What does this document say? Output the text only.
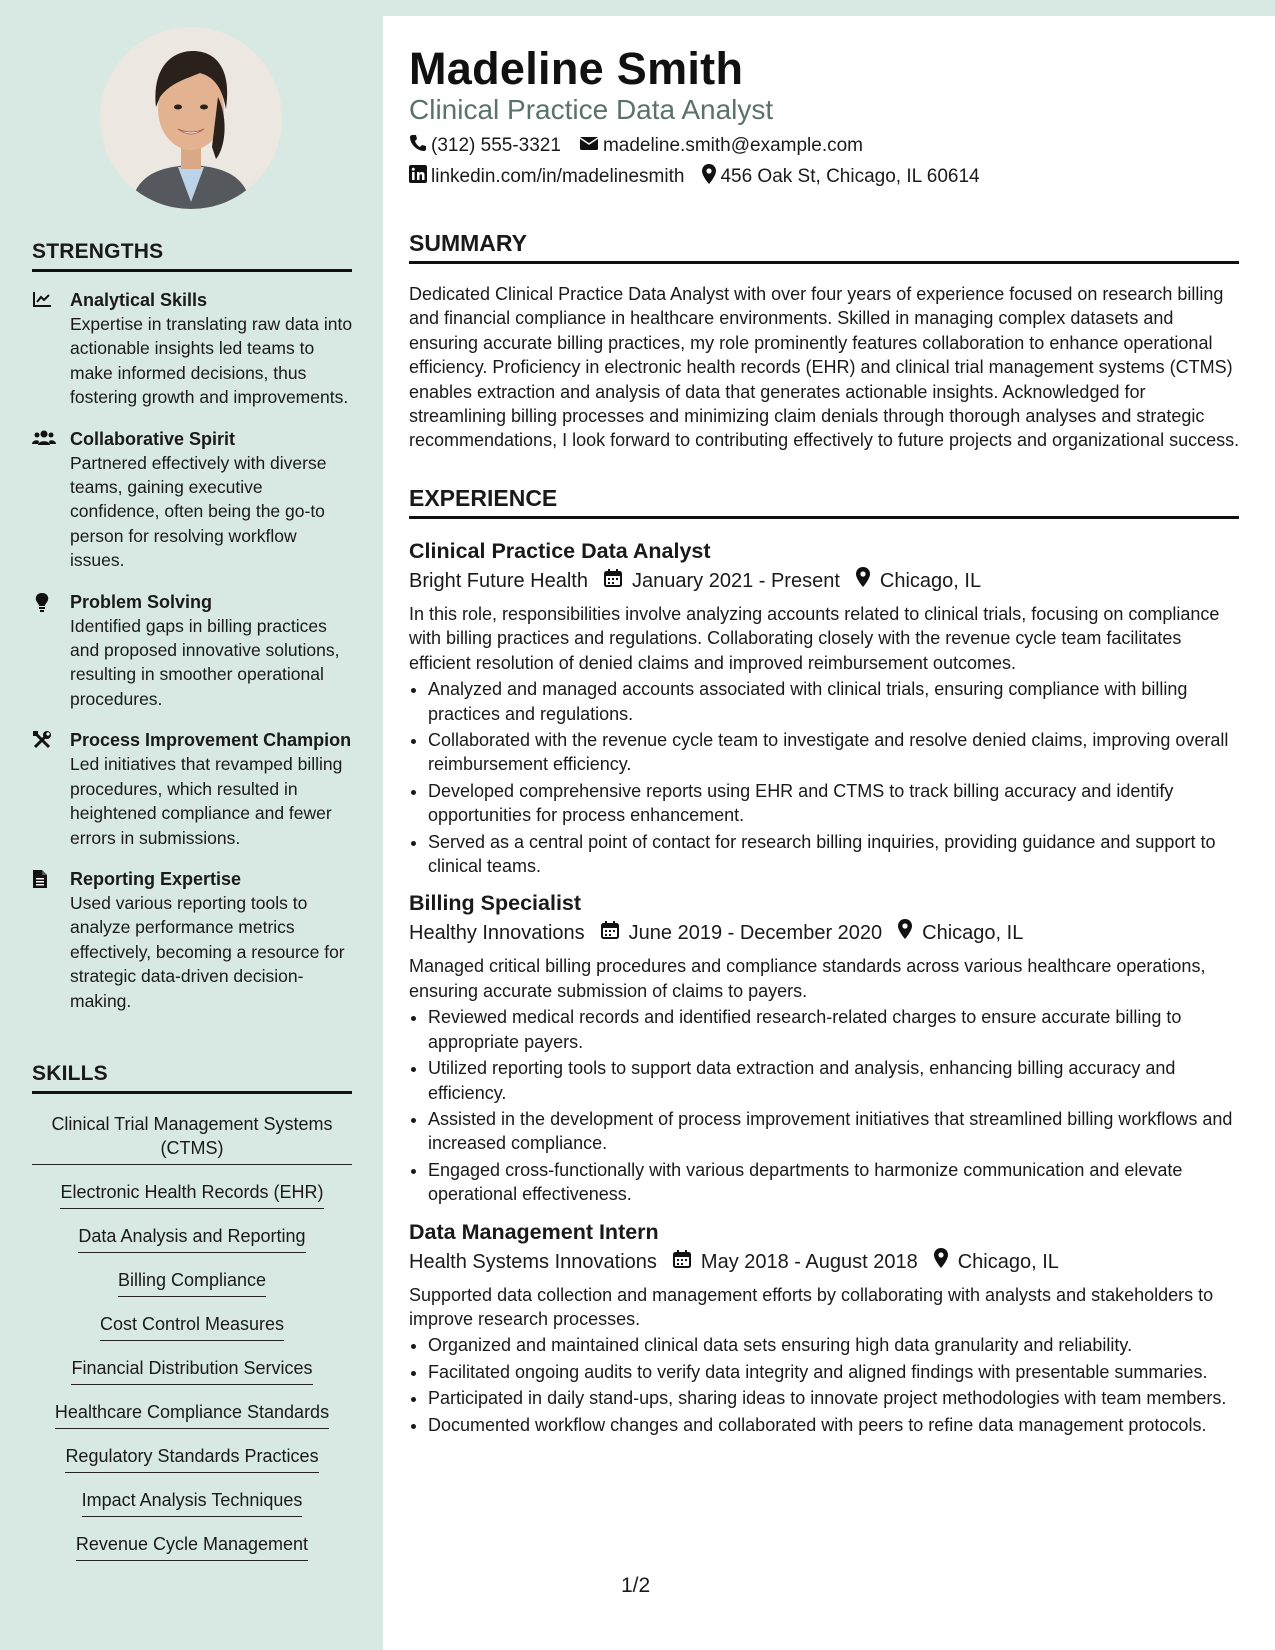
STRENGTHS
Analytical Skills
Expertise in translating raw data into actionable insights led teams to make informed decisions, thus fostering growth and improvements.
Collaborative Spirit
Partnered effectively with diverse teams, gaining executive confidence, often being the go-to person for resolving workflow issues.
Problem Solving
Identified gaps in billing practices and proposed innovative solutions, resulting in smoother operational procedures.
Process Improvement Champion
Led initiatives that revamped billing procedures, which resulted in heightened compliance and fewer errors in submissions.
Reporting Expertise
Used various reporting tools to analyze performance metrics effectively, becoming a resource for strategic data-driven decision-making.
SKILLS
Clinical Trial Management Systems (CTMS)
Electronic Health Records (EHR)
Data Analysis and Reporting
Billing Compliance
Cost Control Measures
Financial Distribution Services
Healthcare Compliance Standards
Regulatory Standards Practices
Impact Analysis Techniques
Revenue Cycle Management
Madeline Smith
Clinical Practice Data Analyst
(312) 555-3321 madeline.smith@example.com
linkedin.com/in/madelinesmith 456 Oak St, Chicago, IL 60614
SUMMARY
Dedicated Clinical Practice Data Analyst with over four years of experience focused on research billing and financial compliance in healthcare environments. Skilled in managing complex datasets and ensuring accurate billing practices, my role prominently features collaboration to enhance operational efficiency. Proficiency in electronic health records (EHR) and clinical trial management systems (CTMS) enables extraction and analysis of data that generates actionable insights. Acknowledged for streamlining billing processes and minimizing claim denials through thorough analyses and strategic recommendations, I look forward to contributing effectively to future projects and organizational success.
EXPERIENCE
Clinical Practice Data Analyst
Bright Future Health January 2021 - Present Chicago, IL
In this role, responsibilities involve analyzing accounts related to clinical trials, focusing on compliance with billing practices and regulations. Collaborating closely with the revenue cycle team facilitates efficient resolution of denied claims and improved reimbursement outcomes.
• Analyzed and managed accounts associated with clinical trials, ensuring compliance with billing practices and regulations.
• Collaborated with the revenue cycle team to investigate and resolve denied claims, improving overall reimbursement efficiency.
• Developed comprehensive reports using EHR and CTMS to track billing accuracy and identify opportunities for process enhancement.
• Served as a central point of contact for research billing inquiries, providing guidance and support to clinical teams.
Billing Specialist
Healthy Innovations June 2019 - December 2020 Chicago, IL
Managed critical billing procedures and compliance standards across various healthcare operations, ensuring accurate submission of claims to payers.
• Reviewed medical records and identified research-related charges to ensure accurate billing to appropriate payers.
• Utilized reporting tools to support data extraction and analysis, enhancing billing accuracy and efficiency.
• Assisted in the development of process improvement initiatives that streamlined billing workflows and increased compliance.
• Engaged cross-functionally with various departments to harmonize communication and elevate operational effectiveness.
Data Management Intern
Health Systems Innovations May 2018 - August 2018 Chicago, IL
Supported data collection and management efforts by collaborating with analysts and stakeholders to improve research processes.
• Organized and maintained clinical data sets ensuring high data granularity and reliability.
• Facilitated ongoing audits to verify data integrity and aligned findings with presentable summaries.
• Participated in daily stand-ups, sharing ideas to innovate project methodologies with team members.
• Documented workflow changes and collaborated with peers to refine data management protocols.
1/2
